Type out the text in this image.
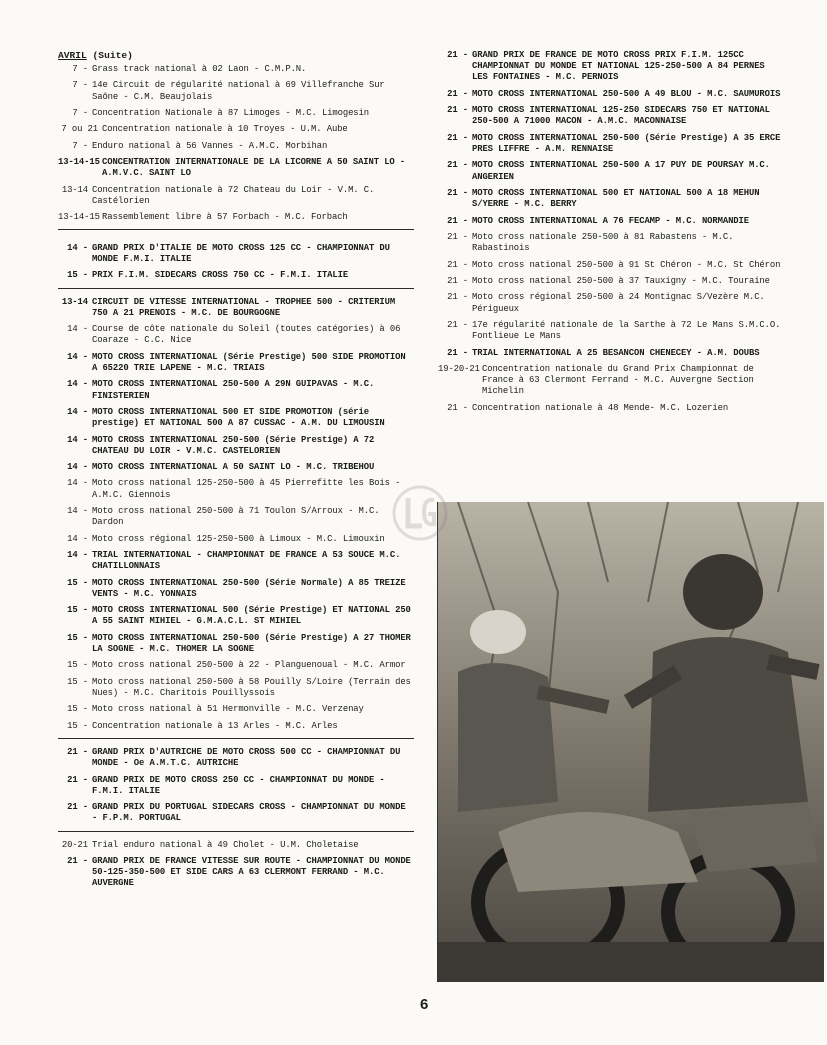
AVRIL (Suite)
7 - Grass track national à 02 Laon - C.M.P.N.
7 - 14e Circuit de régularité national à 69 Villefranche Sur Saône - C.M. Beaujolais
7 - Concentration Nationale à 87 Limoges - M.C. Limogesin
7 ou 21 Concentration nationale à 10 Troyes - U.M. Aube
7 - Enduro national à 56 Vannes - A.M.C. Morbihan
13-14-15 CONCENTRATION INTERNATIONALE DE LA LICORNE A 50 SAINT LO - A.M.V.C. SAINT LO
13-14 Concentration nationale à 72 Chateau du Loir - V.M. C. Castélorien
13-14-15 Rassemblement libre à 57 Forbach - M.C. Forbach
14 - GRAND PRIX D'ITALIE DE MOTO CROSS 125 CC - CHAMPIONNAT DU MONDE F.M.I. ITALIE
15 - PRIX F.I.M. SIDECARS CROSS 750 CC - F.M.I. ITALIE
13-14 CIRCUIT DE VITESSE INTERNATIONAL - TROPHEE 500 - CRITERIUM 750 A 21 PRENOIS - M.C. DE BOURGOGNE
14 - Course de côte nationale du Soleil (toutes catégories) à 06 Coaraze - C.C. Nice
14 - MOTO CROSS INTERNATIONAL (Série Prestige) 500 SIDE PROMOTION A 65220 TRIE LAPENE - M.C. TRIAIS
14 - MOTO CROSS INTERNATIONAL 250-500 A 29N GUIPAVAS - M.C. FINISTERIEN
14 - MOTO CROSS INTERNATIONAL 500 ET SIDE PROMOTION (série prestige) ET NATIONAL 500 A 87 CUSSAC - A.M. DU LIMOUSIN
14 - MOTO CROSS INTERNATIONAL 250-500 (Série Prestige) A 72 CHATEAU DU LOIR - V.M.C. CASTELORIEN
14 - MOTO CROSS INTERNATIONAL A 50 SAINT LO - M.C. TRIBEHOU
14 - Moto cross national 125-250-500 à 45 Pierrefitte les Bois - A.M.C. Giennois
14 - Moto cross national 250-500 à 71 Toulon S/Arroux - M.C. Dardon
14 - Moto cross régional 125-250-500 à Limoux - M.C. Limouxin
14 - TRIAL INTERNATIONAL - CHAMPIONNAT DE FRANCE A 53 SOUCE M.C. CHATILLONNAIS
15 - MOTO CROSS INTERNATIONAL 250-500 (Série Normale) A 85 TREIZE VENTS - M.C. YONNAIS
15 - MOTO CROSS INTERNATIONAL 500 (Série Prestige) ET NATIONAL 250 A 55 SAINT MIHIEL - G.M.A.C.L. ST MIHIEL
15 - MOTO CROSS INTERNATIONAL 250-500 (Série Prestige) A 27 THOMER LA SOGNE - M.C. THOMER LA SOGNE
15 - Moto cross national 250-500 à 22 - Planguenoual - M.C. Armor
15 - Moto cross national 250-500 à 58 Pouilly S/Loire (Terrain des Nues) - M.C. Charitois Pouillyssois
15 - Moto cross national à 51 Hermonville - M.C. Verzenay
15 - Concentration nationale à 13 Arles - M.C. Arles
21 - GRAND PRIX D'AUTRICHE DE MOTO CROSS 500 CC - CHAMPIONNAT DU MONDE - Oe A.M.T.C. AUTRICHE
21 - GRAND PRIX DE MOTO CROSS 250 CC - CHAMPIONNAT DU MONDE - F.M.I. ITALIE
21 - GRAND PRIX DU PORTUGAL SIDECARS CROSS - CHAMPIONNAT DU MONDE - F.P.M. PORTUGAL
20-21 Trial enduro national à 49 Cholet - U.M. Choletaise
21 - GRAND PRIX DE FRANCE VITESSE SUR ROUTE - CHAMPIONNAT DU MONDE 50-125-350-500 ET SIDE CARS A 63 CLERMONT FERRAND - M.C. AUVERGNE
21 - GRAND PRIX DE FRANCE DE MOTO CROSS PRIX F.I.M. 125CC CHAMPIONNAT DU MONDE ET NATIONAL 125-250-500 A 84 PERNES LES FONTAINES - M.C. PERNOIS
21 - MOTO CROSS INTERNATIONAL 250-500 A 49 BLOU - M.C. SAUMUROIS
21 - MOTO CROSS INTERNATIONAL 125-250 SIDECARS 750 ET NATIONAL 250-500 A 71000 MACON - A.M.C. MACONNAISE
21 - MOTO CROSS INTERNATIONAL 250-500 (Série Prestige) A 35 ERCE PRES LIFFRE - A.M. RENNAISE
21 - MOTO CROSS INTERNATIONAL 250-500 A 17 PUY DE POURSAY M.C. ANGERIEN
21 - MOTO CROSS INTERNATIONAL 500 ET NATIONAL 500 A 18 MEHUN S/YERRE - M.C. BERRY
21 - MOTO CROSS INTERNATIONAL A 76 FECAMP - M.C. NORMANDIE
21 - Moto cross nationale 250-500 à 81 Rabastens - M.C. Rabastinois
21 - Moto cross national 250-500 à 91 St Chéron - M.C. St Chéron
21 - Moto cross national 250-500 à 37 Tauxigny - M.C. Touraine
21 - Moto cross régional 250-500 à 24 Montignac S/Vezère M.C. Périgueux
21 - 17e régularité nationale de la Sarthe à 72 Le Mans S.M.C.O. Fontlieue Le Mans
21 - TRIAL INTERNATIONAL A 25 BESANCON CHENECEY - A.M. DOUBS
19-20-21 Concentration nationale du Grand Prix Championnat de France à 63 Clermont Ferrand - M.C. Auvergne Section Michelin
21 - Concentration nationale à 48 Mende- M.C. Lozerien
6
